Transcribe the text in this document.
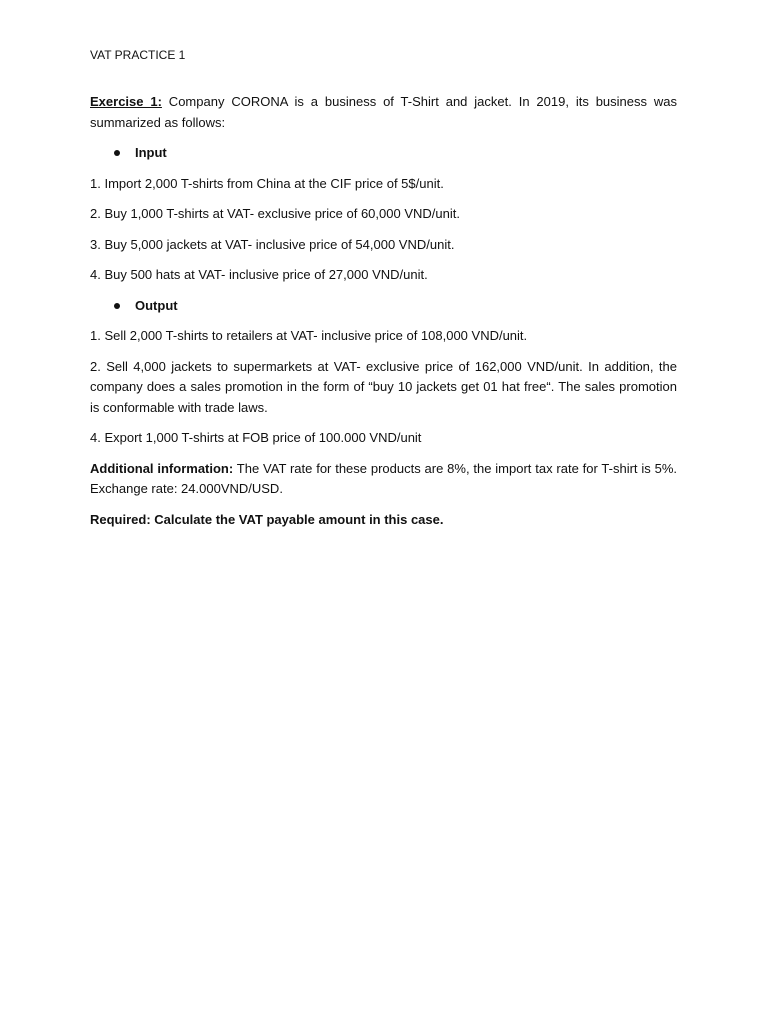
VAT PRACTICE 1

Exercise 1: Company CORONA is a business of T-Shirt and jacket. In 2019, its business was summarized as follows:

Input

1. Import 2,000 T-shirts from China at the CIF price of 5$/unit.

2. Buy 1,000 T-shirts at VAT- exclusive price of 60,000 VND/unit.

3. Buy 5,000 jackets at VAT- inclusive price of 54,000 VND/unit.

4. Buy 500 hats at VAT- inclusive price of 27,000 VND/unit.

Output

1. Sell 2,000 T-shirts to retailers at VAT- inclusive price of 108,000 VND/unit.

2. Sell 4,000 jackets to supermarkets at VAT- exclusive price of 162,000 VND/unit. In addition, the company does a sales promotion in the form of “buy 10 jackets get 01 hat free“. The sales promotion is conformable with trade laws.

4. Export 1,000 T-shirts at FOB price of 100.000 VND/unit

Additional information: The VAT rate for these products are 8%, the import tax rate for T-shirt is 5%. Exchange rate: 24.000VND/USD.

Required: Calculate the VAT payable amount in this case.
